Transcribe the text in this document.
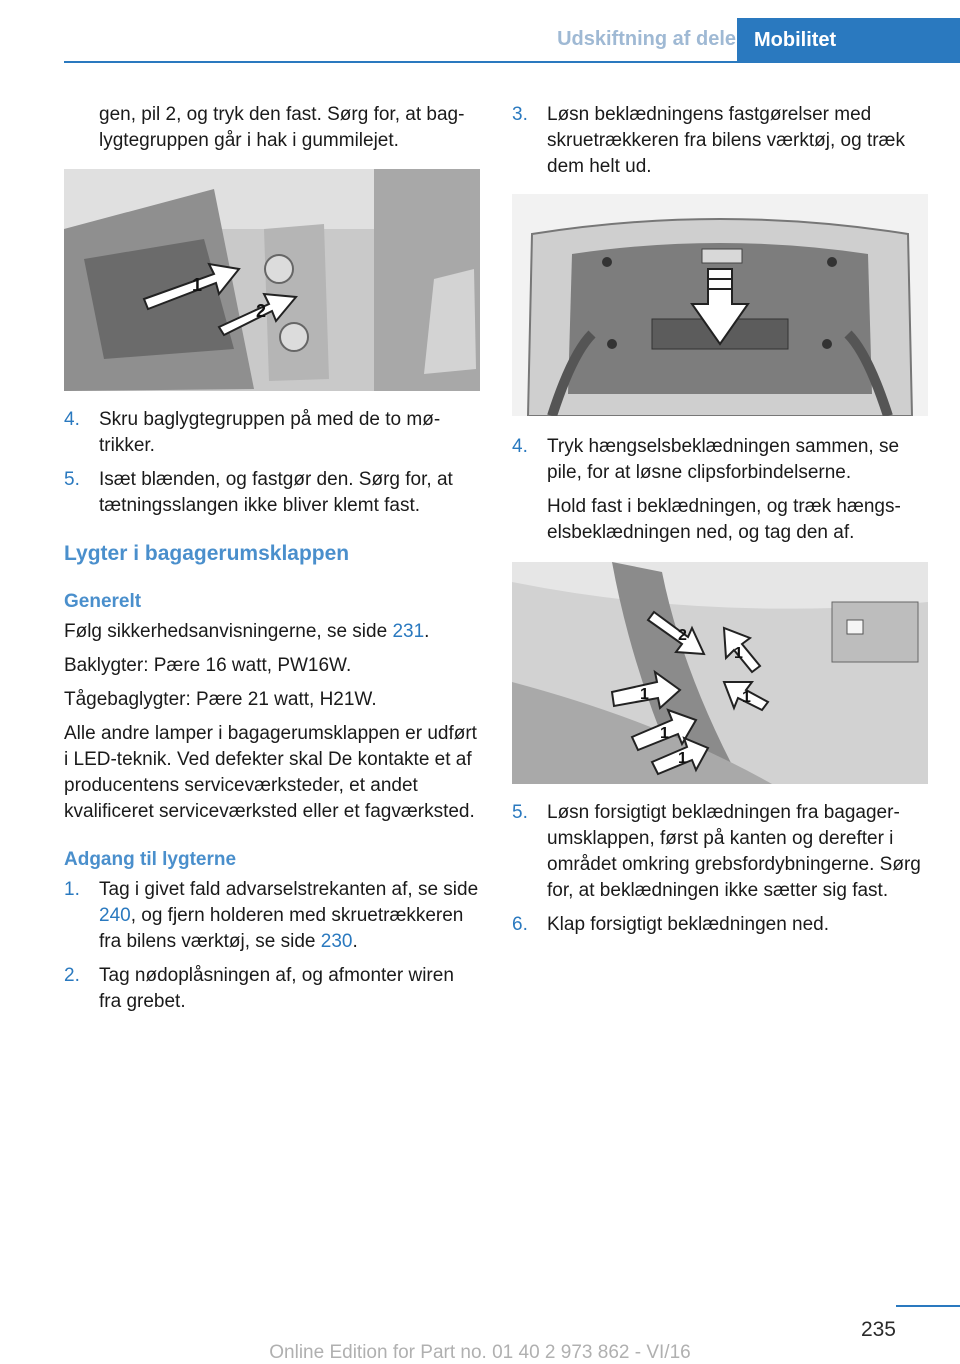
Udskiftning af dele Mobilitet

gen, pil 2, og tryk den fast. Sørg for, at baglygtegruppen går i hak i gummilejet.

1
2
4.	Skru baglygtegruppen på med de to møtrikker.
5.	Isæt blænden, og fastgør den. Sørg for, at tætningsslangen ikke bliver klemt fast.

Lygter i bagagerumsklappen

Generelt

Følg sikkerhedsanvisningerne, se side 231.

Baklygter: Pære 16 watt, PW16W.

Tågebaglygter: Pære 21 watt, H21W.

Alle andre lamper i bagagerumsklappen er udført i LED-teknik. Ved defekter skal De kontakte et af producentens serviceværksteder, et andet kvalificeret serviceværksted eller et fagværksted.

Adgang til lygterne

1.	Tag i givet fald advarselstrekanten af, se side 240, og fjern holderen med skruetrækkeren fra bilens værktøj, se side 230.
2.	Tag nødoplåsningen af, og afmonter wiren fra grebet.
3.	Løsn beklædningens fastgørelser med skruetrækkeren fra bilens værktøj, og træk dem helt ud.
4.	Tryk hængselsbeklædningen sammen, se pile, for at løsne clipsforbindelserne.

Hold fast i beklædningen, og træk hængselsbeklædningen ned, og tag den af.

2
1
1	1
1
1
5.	Løsn forsigtigt beklædningen fra bagagerumsklappen, først på kanten og derefter i området omkring grebsfordybningerne. Sørg for, at beklædningen ikke sætter sig fast.
6.	Klap forsigtigt beklædningen ned.
235
Online Edition for Part no. 01 40 2 973 862 - VI/16
